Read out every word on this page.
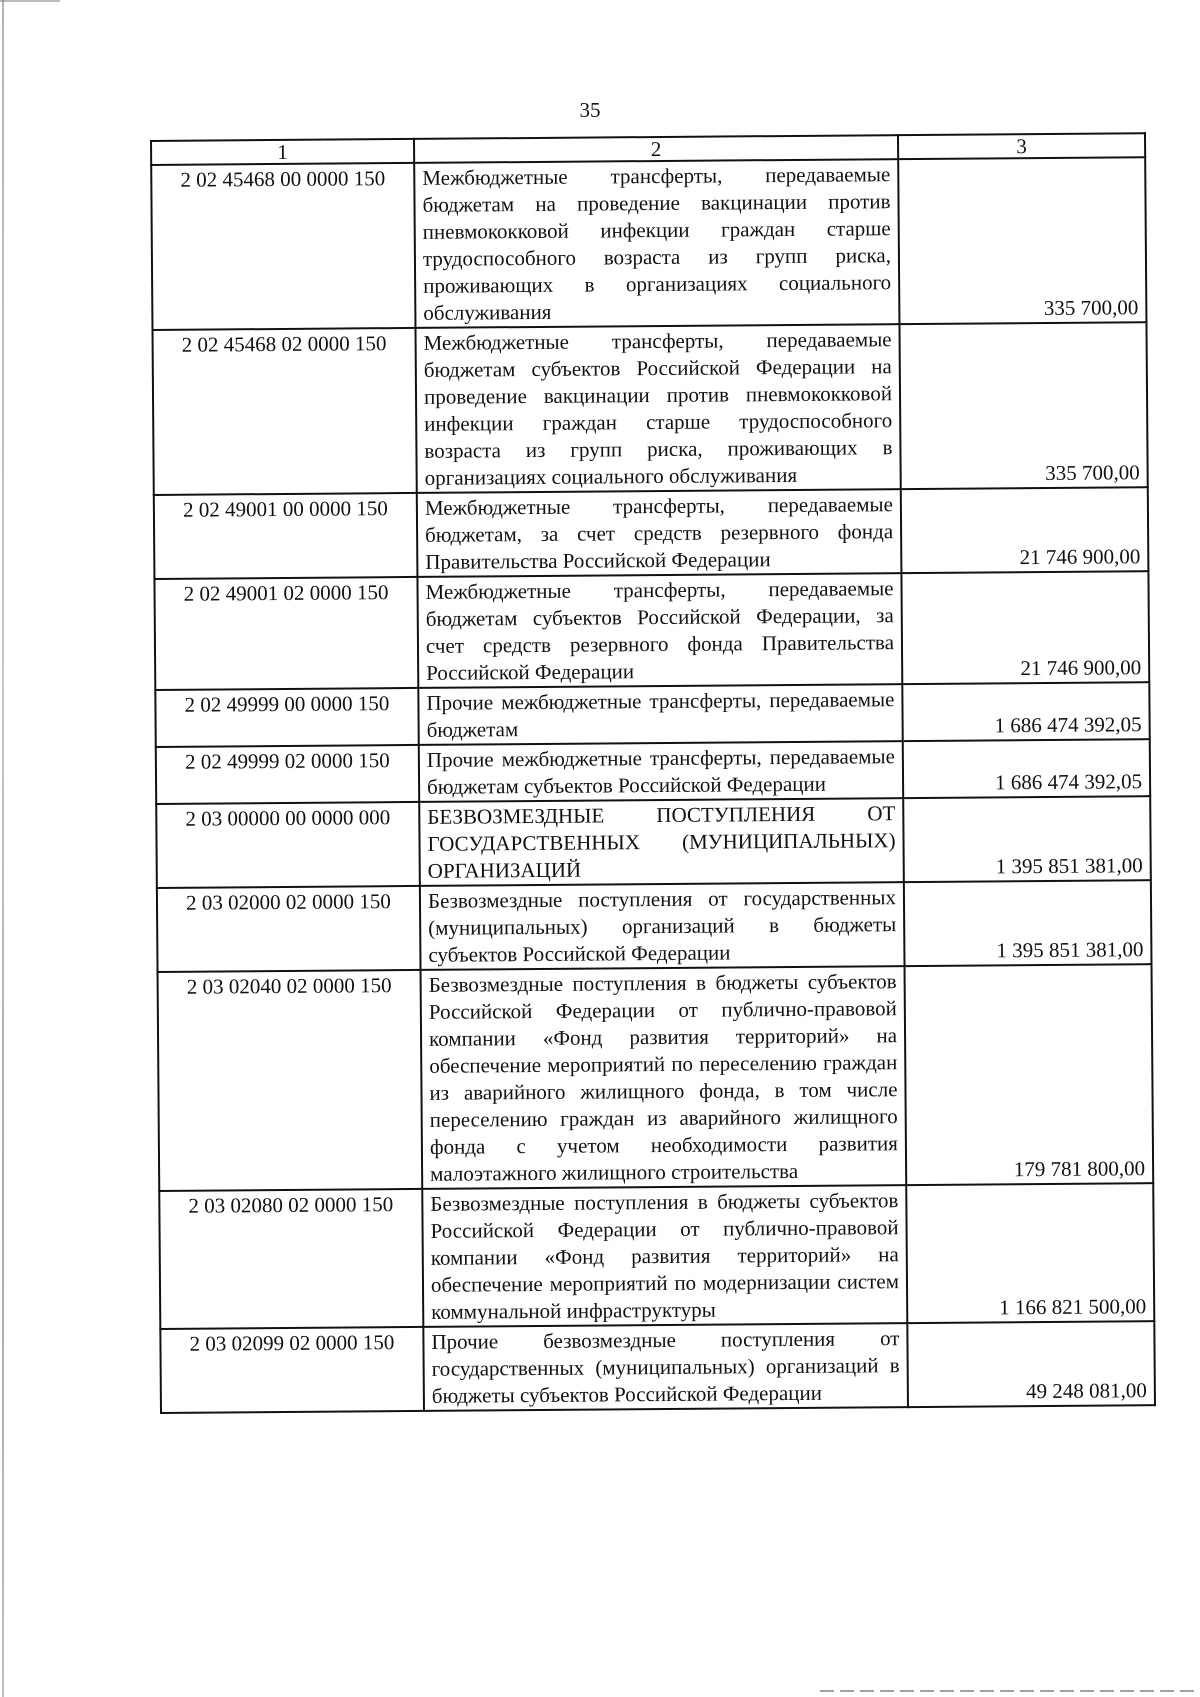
35
1	2	3
2 02 45468 00 0000 150	Межбюджетные трансферты, передаваемые бюджетам на проведение вакцинации против пневмококковой инфекции граждан старше трудоспособного возраста из групп риска, проживающих в организациях социального обслуживания	335 700,00
2 02 45468 02 0000 150	Межбюджетные трансферты, передаваемые бюджетам субъектов Российской Федерации на проведение вакцинации против пневмококковой инфекции граждан старше трудоспособного возраста из групп риска, проживающих в организациях социального обслуживания	335 700,00
2 02 49001 00 0000 150	Межбюджетные трансферты, передаваемые бюджетам, за счет средств резервного фонда Правительства Российской Федерации	21 746 900,00
2 02 49001 02 0000 150	Межбюджетные трансферты, передаваемые бюджетам субъектов Российской Федерации, за счет средств резервного фонда Правительства Российской Федерации	21 746 900,00
2 02 49999 00 0000 150	Прочие межбюджетные трансферты, передаваемые бюджетам	1 686 474 392,05
2 02 49999 02 0000 150	Прочие межбюджетные трансферты, передаваемые бюджетам субъектов Российской Федерации	1 686 474 392,05
2 03 00000 00 0000 000	БЕЗВОЗМЕЗДНЫЕ ПОСТУПЛЕНИЯ ОТ ГОСУДАРСТВЕННЫХ (МУНИЦИПАЛЬНЫХ) ОРГАНИЗАЦИЙ	1 395 851 381,00
2 03 02000 02 0000 150	Безвозмездные поступления от государственных (муниципальных) организаций в бюджеты субъектов Российской Федерации	1 395 851 381,00
2 03 02040 02 0000 150	Безвозмездные поступления в бюджеты субъектов Российской Федерации от публично-правовой компании «Фонд развития территорий» на обеспечение мероприятий по переселению граждан из аварийного жилищного фонда, в том числе переселению граждан из аварийного жилищного фонда с учетом необходимости развития малоэтажного жилищного строительства	179 781 800,00
2 03 02080 02 0000 150	Безвозмездные поступления в бюджеты субъектов Российской Федерации от публично-правовой компании «Фонд развития территорий» на обеспечение мероприятий по модернизации систем коммунальной инфраструктуры	1 166 821 500,00
2 03 02099 02 0000 150	Прочие безвозмездные поступления от государственных (муниципальных) организаций в бюджеты субъектов Российской Федерации	49 248 081,00
